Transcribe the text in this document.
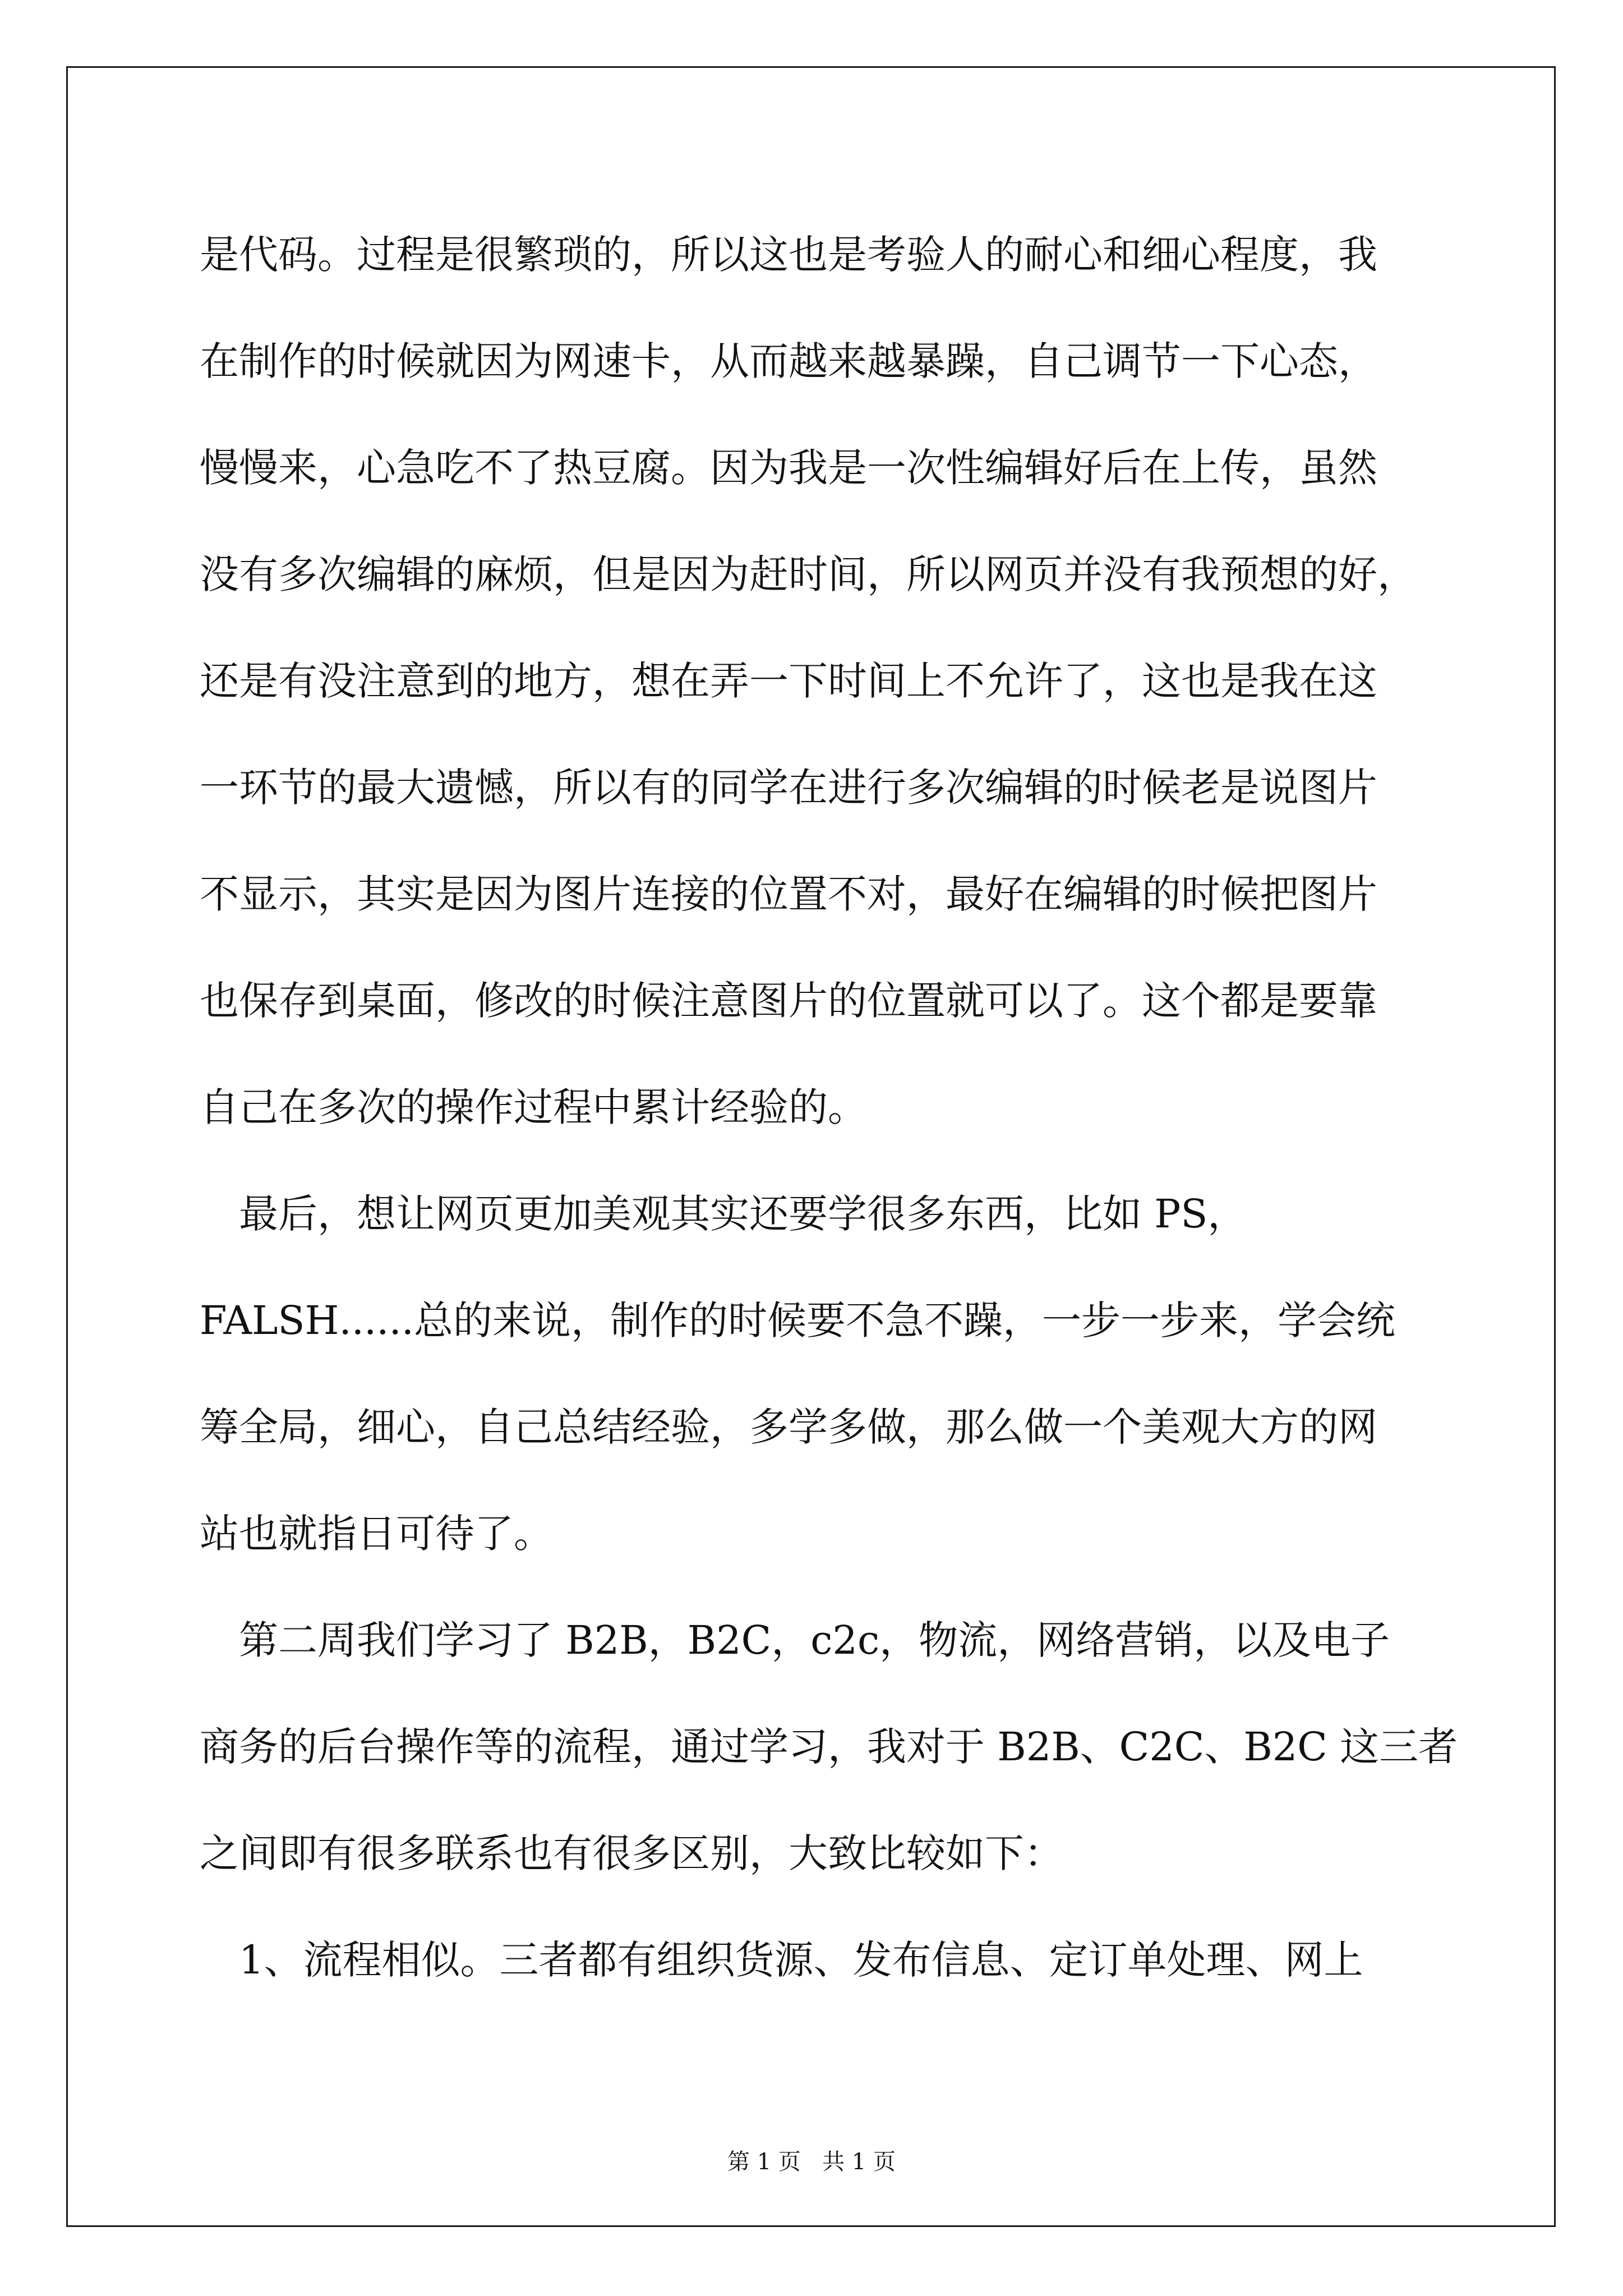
是代码。过程是很繁琐的，所以这也是考验人的耐心和细心程度，我
在制作的时候就因为网速卡，从而越来越暴躁，自己调节一下心态，
慢慢来，心急吃不了热豆腐。因为我是一次性编辑好后在上传，虽然
没有多次编辑的麻烦，但是因为赶时间，所以网页并没有我预想的好，
还是有没注意到的地方，想在弄一下时间上不允许了，这也是我在这
一环节的最大遗憾，所以有的同学在进行多次编辑的时候老是说图片
不显示，其实是因为图片连接的位置不对，最好在编辑的时候把图片
也保存到桌面，修改的时候注意图片的位置就可以了。这个都是要靠
自己在多次的操作过程中累计经验的。
　最后，想让网页更加美观其实还要学很多东西，比如 PS，
FALSH......总的来说，制作的时候要不急不躁，一步一步来，学会统
筹全局，细心，自己总结经验，多学多做，那么做一个美观大方的网
站也就指日可待了。
　第二周我们学习了 B2B，B2C，c2c，物流，网络营销，以及电子
商务的后台操作等的流程，通过学习，我对于 B2B、C2C、B2C 这三者
之间即有很多联系也有很多区别，大致比较如下：
　1、流程相似。三者都有组织货源、发布信息、定订单处理、网上
第 1 页 共 1 页
